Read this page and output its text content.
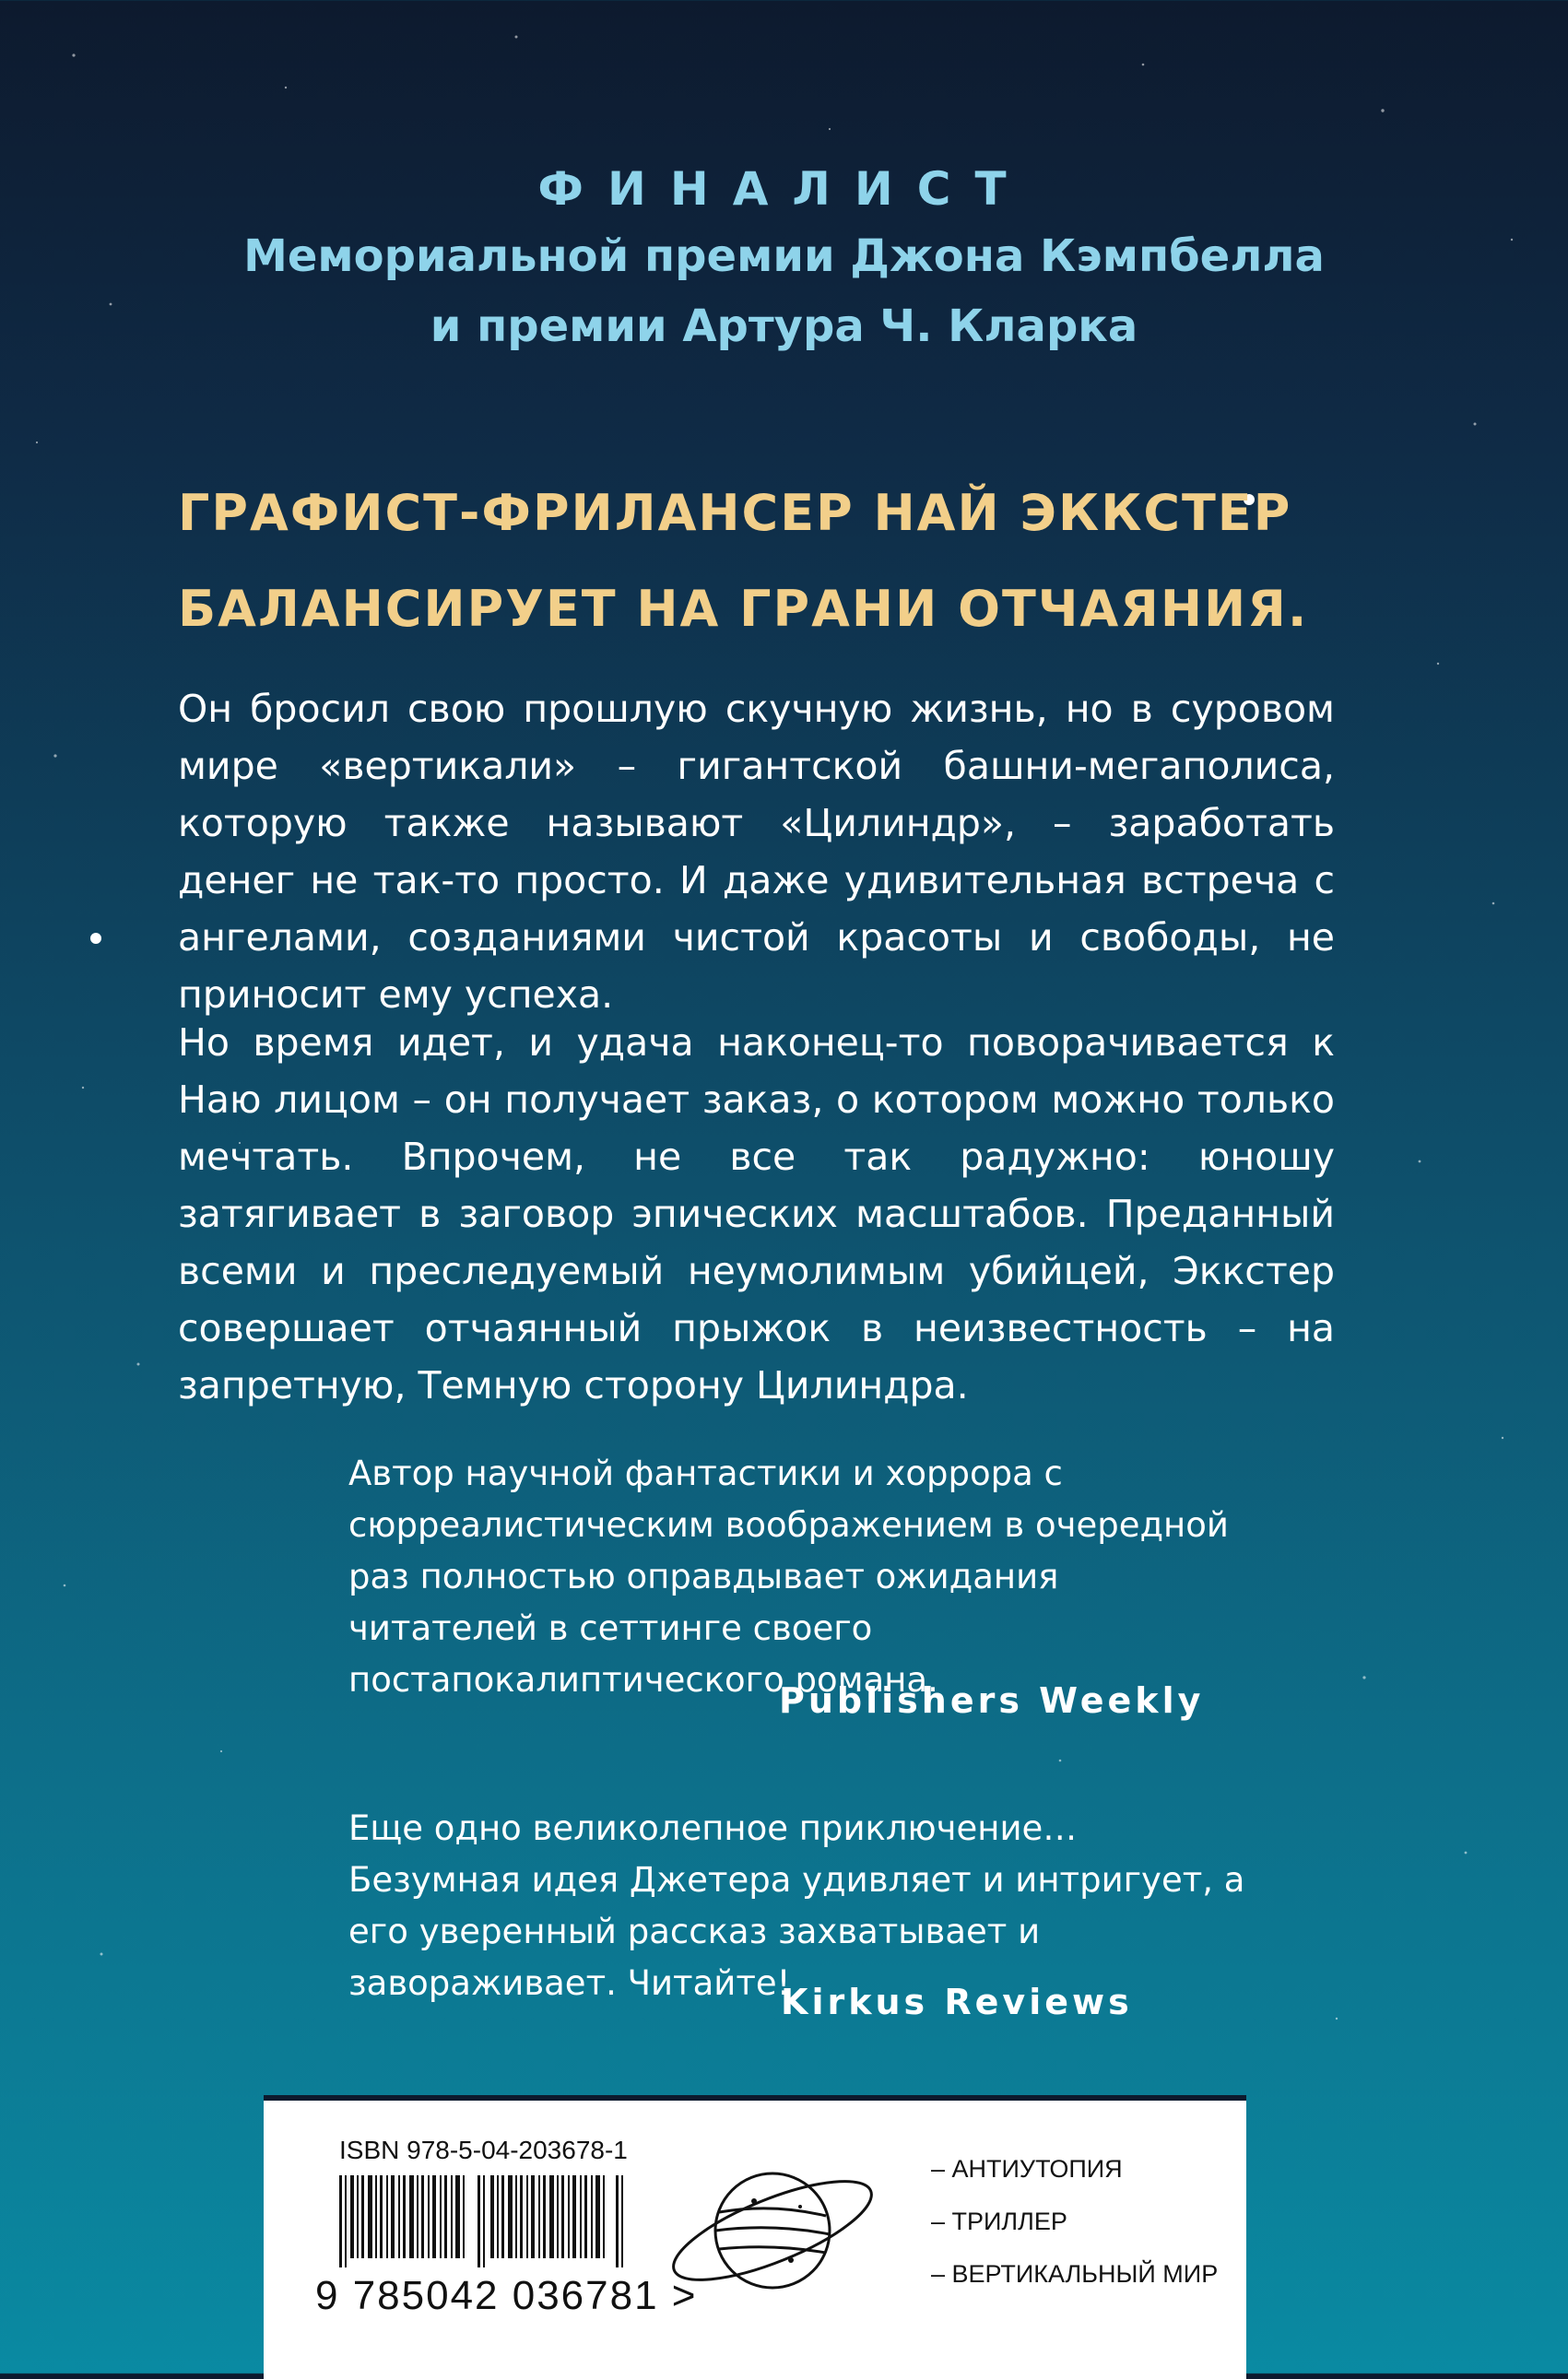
ФИНАЛИСТ
Мемориальной премии Джона Кэмпбелла
и премии Артура Ч. Кларка
ГРАФИСТ-ФРИЛАНСЕР НАЙ ЭККСТЕР
БАЛАНСИРУЕТ НА ГРАНИ ОТЧАЯНИЯ.
Он бросил свою прошлую скучную жизнь, но в суровом мире «вертикали» – гигантской башни-мегаполиса, которую также называют «Цилиндр», – заработать денег не так-то просто. И даже удивительная встреча с ангелами, созданиями чистой красоты и свободы, не приносит ему успеха.
Но время идет, и удача наконец-то поворачивается к Наю лицом – он получает заказ, о котором можно только мечтать. Впрочем, не все так радужно: юношу затягивает в заговор эпических масштабов. Преданный всеми и преследуемый неумолимым убийцей, Эккстер совершает отчаянный прыжок в неизвестность – на запретную, Темную сторону Цилиндра.
Автор научной фантастики и хоррора с сюрреалистическим воображением в очередной раз полностью оправдывает ожидания читателей в сеттинге своего постапокалиптического романа.
Publishers Weekly
Еще одно великолепное приключение… Безумная идея Джетера удивляет и интригует, а его уверенный рассказ захватывает и завораживает. Читайте!
Kirkus Reviews
ISBN 978-5-04-203678-1
9 785042 036781 >
– АНТИУТОПИЯ
– ТРИЛЛЕР
– ВЕРТИКАЛЬНЫЙ МИР
